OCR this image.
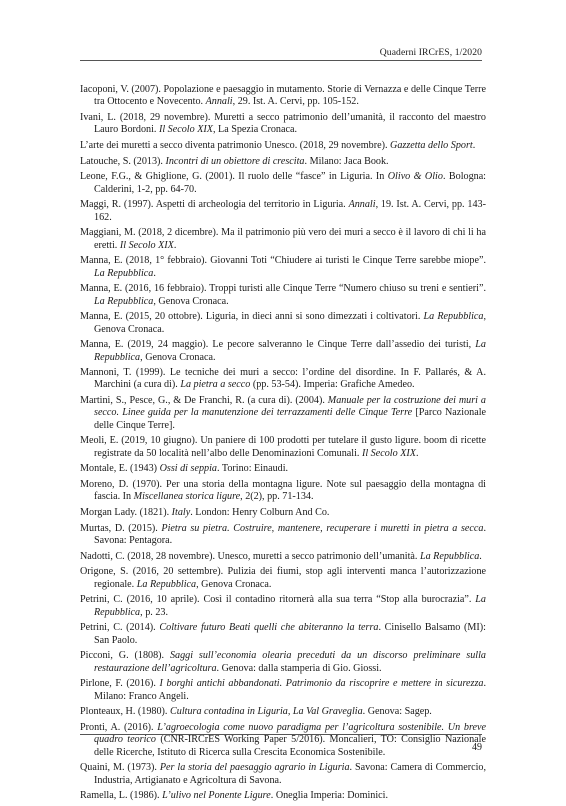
Quaderni IRCrES, 1/2020

Iacoponi, V. (2007). Popolazione e paesaggio in mutamento. Storie di Vernazza e delle Cinque Terre tra Ottocento e Novecento. Annali, 29. Ist. A. Cervi, pp. 105-152.

Ivani, L. (2018, 29 novembre). Muretti a secco patrimonio dell’umanità, il racconto del maestro Lauro Bordoni. Il Secolo XIX, La Spezia Cronaca.

L’arte dei muretti a secco diventa patrimonio Unesco. (2018, 29 novembre). Gazzetta dello Sport.

Latouche, S. (2013). Incontri di un obiettore di crescita. Milano: Jaca Book.

Leone, F.G., & Ghiglione, G. (2001). Il ruolo delle “fasce” in Liguria. In Olivo & Olio. Bologna: Calderini, 1-2, pp. 64-70.

Maggi, R. (1997). Aspetti di archeologia del territorio in Liguria. Annali, 19. Ist. A. Cervi, pp. 143-162.

Maggiani, M. (2018, 2 dicembre). Ma il patrimonio più vero dei muri a secco è il lavoro di chi li ha eretti. Il Secolo XIX.

Manna, E. (2018, 1° febbraio). Giovanni Toti “Chiudere ai turisti le Cinque Terre sarebbe miope”. La Repubblica.

Manna, E. (2016, 16 febbraio). Troppi turisti alle Cinque Terre “Numero chiuso su treni e sentieri”. La Repubblica, Genova Cronaca.

Manna, E. (2015, 20 ottobre). Liguria, in dieci anni si sono dimezzati i coltivatori. La Repubblica, Genova Cronaca.

Manna, E. (2019, 24 maggio). Le pecore salveranno le Cinque Terre dall’assedio dei turisti, La Repubblica, Genova Cronaca.

Mannoni, T. (1999). Le tecniche dei muri a secco: l’ordine del disordine. In F. Pallarés, & A. Marchini (a cura di). La pietra a secco (pp. 53-54). Imperia: Grafiche Amedeo.

Martini, S., Pesce, G., & De Franchi, R. (a cura di). (2004). Manuale per la costruzione dei muri a secco. Linee guida per la manutenzione dei terrazzamenti delle Cinque Terre [Parco Nazionale delle Cinque Terre].

Meoli, E. (2019, 10 giugno). Un paniere di 100 prodotti per tutelare il gusto ligure. boom di ricette registrate da 50 località nell’albo delle Denominazioni Comunali. Il Secolo XIX.

Montale, E. (1943) Ossi di seppia. Torino: Einaudi.

Moreno, D. (1970). Per una storia della montagna ligure. Note sul paesaggio della montagna di fascia. In Miscellanea storica ligure, 2(2), pp. 71-134.

Morgan Lady. (1821). Italy. London: Henry Colburn And Co.

Murtas, D. (2015). Pietra su pietra. Costruire, mantenere, recuperare i muretti in pietra a secca. Savona: Pentagora.

Nadotti, C. (2018, 28 novembre). Unesco, muretti a secco patrimonio dell’umanità. La Repubblica.

Origone, S. (2016, 20 settembre). Pulizia dei fiumi, stop agli interventi manca l’autorizzazione regionale. La Repubblica, Genova Cronaca.

Petrini, C. (2016, 10 aprile). Così il contadino ritornerà alla sua terra “Stop alla burocrazia”. La Repubblica, p. 23.

Petrini, C. (2014). Coltivare futuro Beati quelli che abiteranno la terra. Cinisello Balsamo (MI): San Paolo.

Picconi, G. (1808). Saggi sull’economia olearia preceduti da un discorso preliminare sulla restaurazione dell’agricoltura. Genova: dalla stamperia di Gio. Giossi.

Pirlone, F. (2016). I borghi antichi abbandonati. Patrimonio da riscoprire e mettere in sicurezza. Milano: Franco Angeli.

Plonteaux, H. (1980). Cultura contadina in Liguria, La Val Graveglia. Genova: Sagep.

Pronti, A. (2016). L’agroecologia come nuovo paradigma per l’agricoltura sostenibile. Un breve quadro teorico (CNR-IRCrES Working Paper 5/2016). Moncalieri, TO: Consiglio Nazionale delle Ricerche, Istituto di Ricerca sulla Crescita Economica Sostenibile.

Quaini, M. (1973). Per la storia del paesaggio agrario in Liguria. Savona: Camera di Commercio, Industria, Artigianato e Agricoltura di Savona.

Ramella, L. (1986). L’ulivo nel Ponente Ligure. Oneglia Imperia: Dominici.

49
